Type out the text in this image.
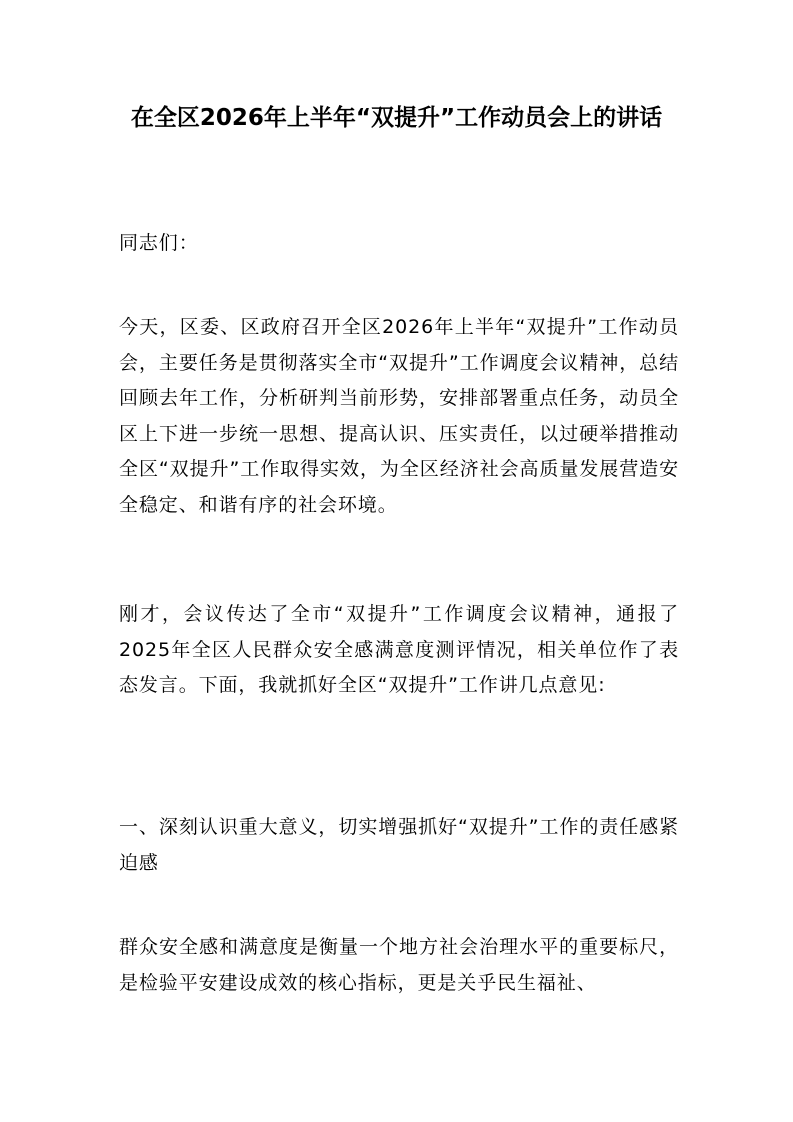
在全区2026年上半年“双提升”工作动员会上的讲话

同志们：

今天，区委、区政府召开全区2026年上半年“双提升”工作动员会，主要任务是贯彻落实全市“双提升”工作调度会议精神，总结回顾去年工作，分析研判当前形势，安排部署重点任务，动员全区上下进一步统一思想、提高认识、压实责任，以过硬举措推动全区“双提升”工作取得实效，为全区经济社会高质量发展营造安全稳定、和谐有序的社会环境。

刚才，会议传达了全市“双提升”工作调度会议精神，通报了2025年全区人民群众安全感满意度测评情况，相关单位作了表态发言。下面，我就抓好全区“双提升”工作讲几点意见:

一、深刻认识重大意义，切实增强抓好“双提升”工作的责任感紧迫感

群众安全感和满意度是衡量一个地方社会治理水平的重要标尺，是检验平安建设成效的核心指标，更是关乎民生福祉、
